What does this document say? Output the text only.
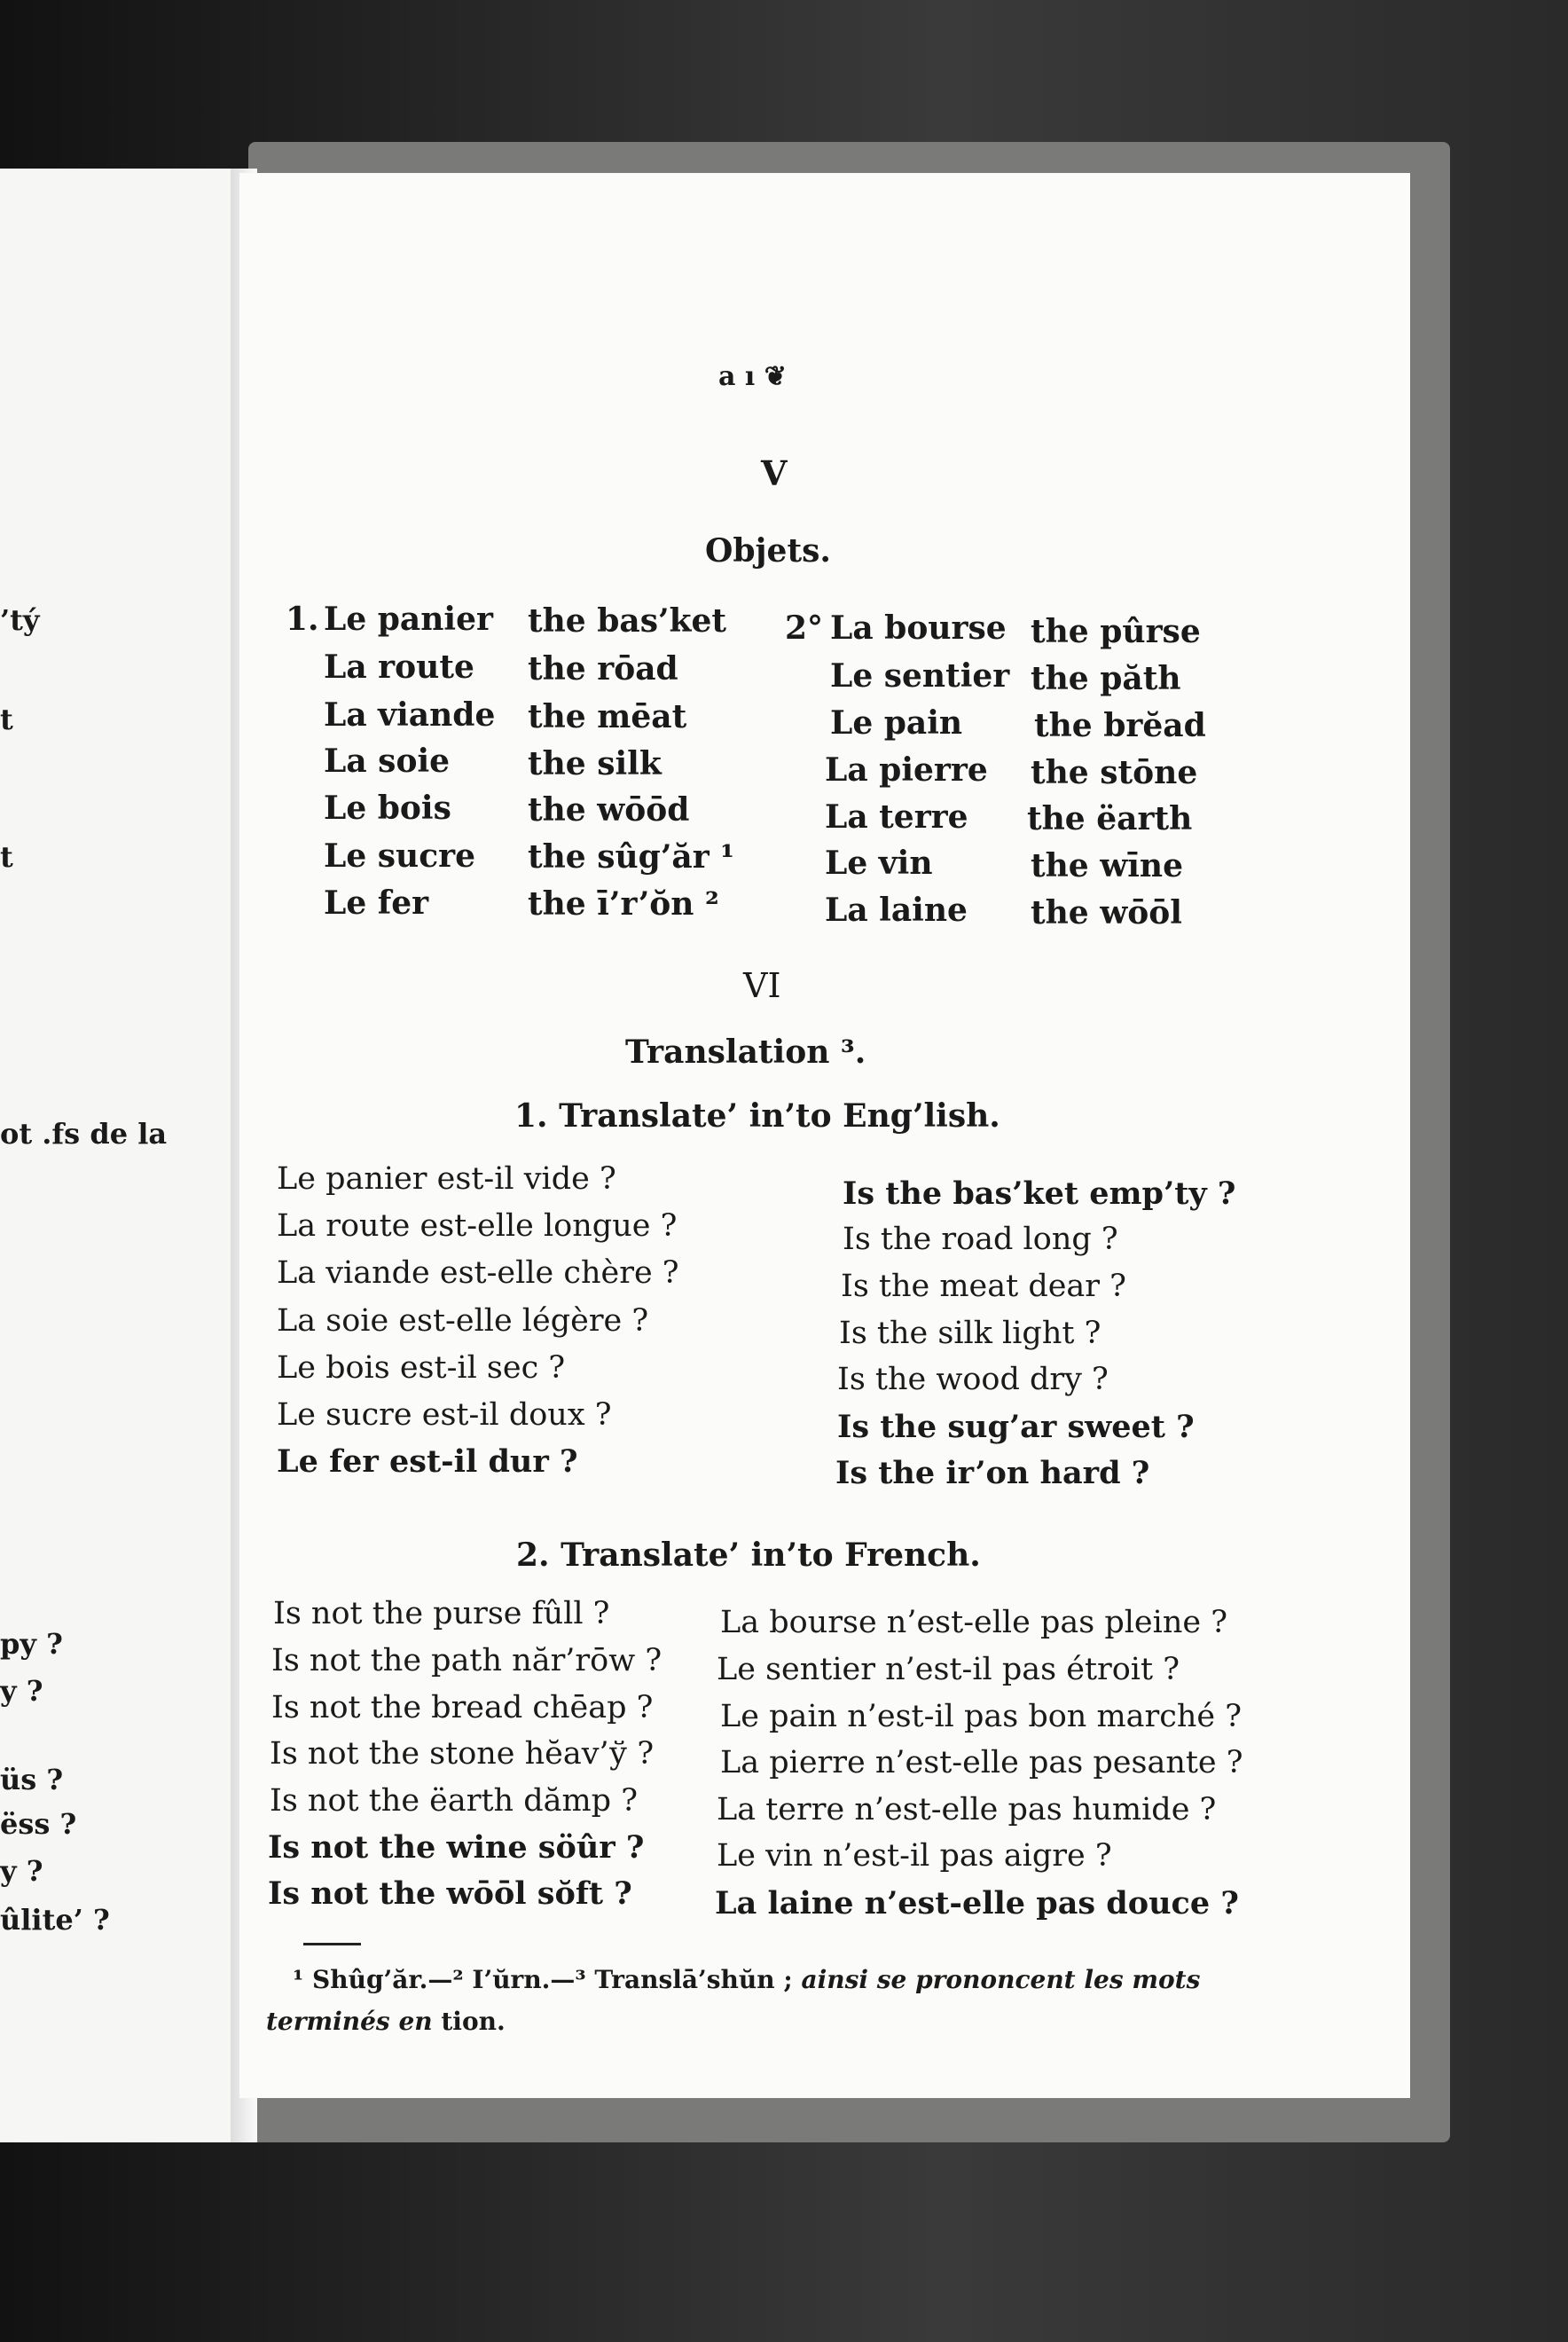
’tý
t
t
ot .fs de la
py ?
y ?
üs ?
ëss ?
y ?
ûlite’ ?
a ı ❦
V
Objets.
1. Le panier
La route
La viande
La soie
Le bois
Le sucre
Le fer
the bas’ket
the rōad
the mēat
the silk
the wōōd
the sûg’ăr ¹
the ī’r’ŏn ²
2° La bourse
Le sentier
Le pain
La pierre
La terre
Le vin
La laine
the pûrse
the păth
the brĕad
the stōne
the ëarth
the wīne
the wōōl
VI
Translation ³.
1. Translate’ in’to Eng’lish.
Le panier est-il vide ?
La route est-elle longue ?
La viande est-elle chère ?
La soie est-elle légère ?
Le bois est-il sec ?
Le sucre est-il doux ?
Le fer est-il dur ?
Is the bas’ket emp’ty ?
Is the road long ?
Is the meat dear ?
Is the silk light ?
Is the wood dry ?
Is the sug’ar sweet ?
Is the ir’on hard ?
2. Translate’ in’to French.
Is not the purse fûll ?
Is not the path năr’rōw ?
Is not the bread chēap ?
Is not the stone hĕav’ў ?
Is not the ëarth dămp ?
Is not the wine söûr ?
Is not the wōōl sŏft ?
La bourse n’est-elle pas pleine ?
Le sentier n’est-il pas étroit ?
Le pain n’est-il pas bon marché ?
La pierre n’est-elle pas pesante ?
La terre n’est-elle pas humide ?
Le vin n’est-il pas aigre ?
La laine n’est-elle pas douce ?
¹ Shûg’ăr.—² I’ŭrn.—³ Translā’shŭn ; ainsi se prononcent les mots
terminés en tion.
